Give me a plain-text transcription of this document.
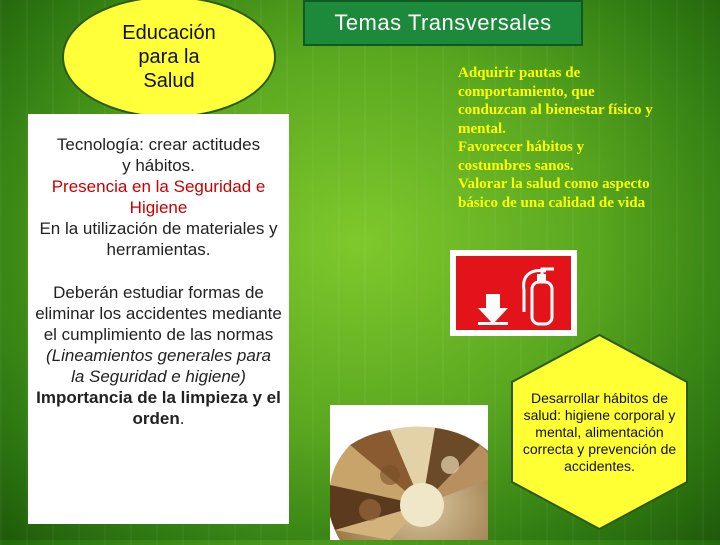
Educación
para la
Salud
Tecnología: crear actitudes y hábitos.
Presencia en la Seguridad e Higiene
En la utilización de materiales y herramientas.
Deberán estudiar formas de eliminar los accidentes mediante el cumplimiento de las normas
(Lineamientos generales para la Seguridad e higiene)
Importancia de la limpieza y el orden.
Temas Transversales
Adquirir pautas de
comportamiento, que
conduzcan al bienestar físico y
mental.
Favorecer hábitos y
costumbres sanos.
Valorar la salud como aspecto
básico de una calidad de vida
Desarrollar hábitos de salud: higiene corporal y mental, alimentación correcta y prevención de accidentes.
